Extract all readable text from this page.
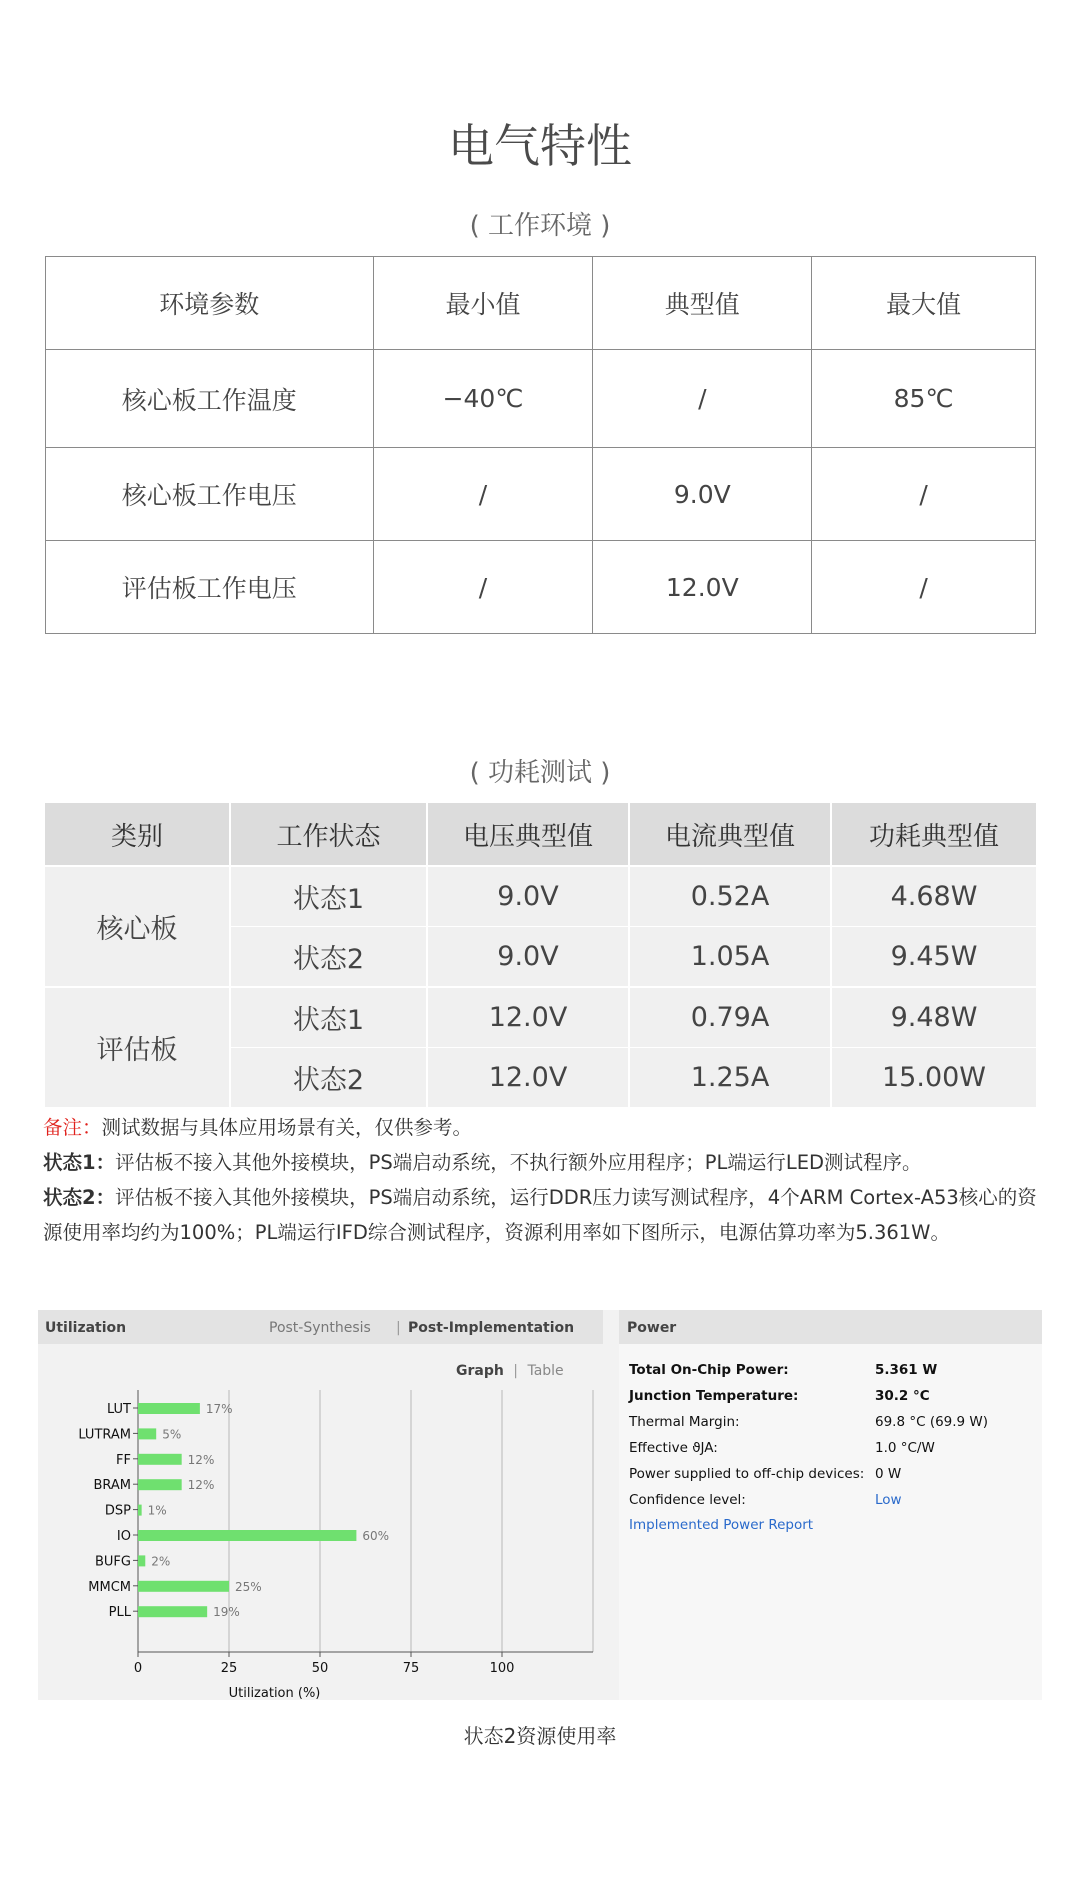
电气特性
( 工作环境 )
环境参数	最小值	典型值	最大值
核心板工作温度	−40℃	/	85℃
核心板工作电压	/	9.0V	/
评估板工作电压	/	12.0V	/
( 功耗测试 )
类别	工作状态	电压典型值	电流典型值	功耗典型值
核心板	状态1	9.0V	0.52A	4.68W
	状态2	9.0V	1.05A	9.45W
评估板	状态1	12.0V	0.79A	9.48W
	状态2	12.0V	1.25A	15.00W
备注：测试数据与具体应用场景有关，仅供参考。
状态1：评估板不接入其他外接模块，PS端启动系统，不执行额外应用程序；PL端运行LED测试程序。
状态2：评估板不接入其他外接模块，PS端启动系统，运行DDR压力读写测试程序，4个ARM Cortex-A53核心的资源使用率均约为100%；PL端运行IFD综合测试程序，资源利用率如下图所示，电源估算功率为5.361W。
Utilization	Post-Synthesis | Post-Implementation
Graph | Table
0	25	50	75	100
Utilization (%)
LUT	17%
LUTRAM	5%
FF	12%
BRAM	12%
DSP 1%
IO	60%
BUFG 2%
MMCM	25%
PLL	19%
Power
Total On-Chip Power:	5.361 W
Junction Temperature:	30.2 °C
Thermal Margin:	69.8 °C (69.9 W)
Effective ϑJA:	1.0 °C/W
Power supplied to off-chip devices: 0 W
Confidence level:	Low
Implemented Power Report
状态2资源使用率
